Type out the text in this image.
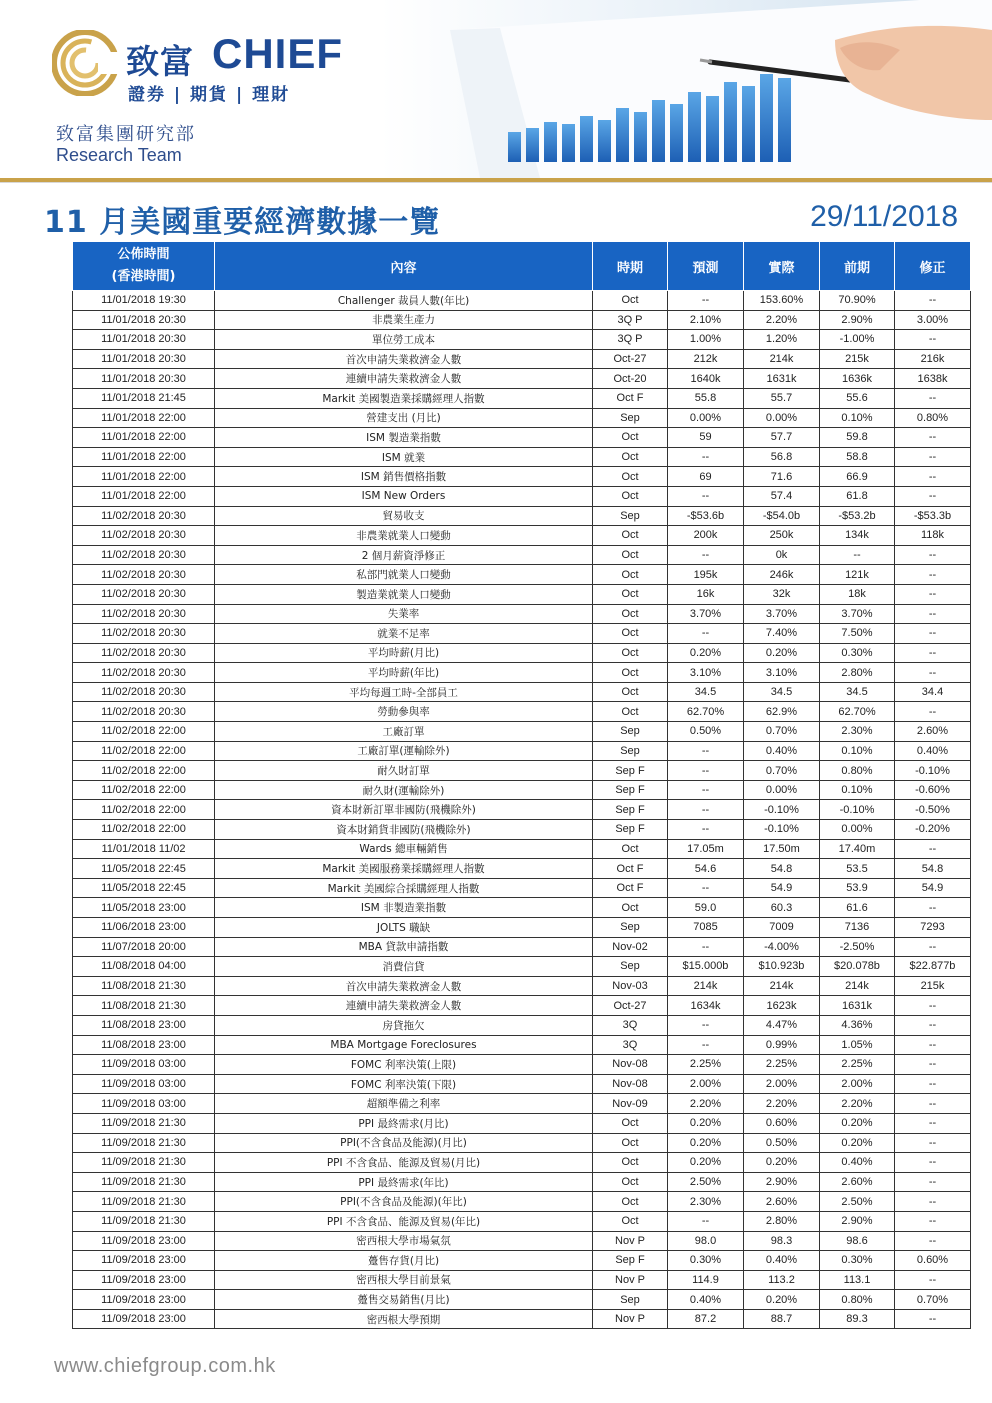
致富 CHIEF
證券 | 期貨 | 理財
致富集團研究部
Research Team
11 月美國重要經濟數據一覽	29/11/2018
公佈時間
(香港時間)	內容	時期	預測	實際	前期	修正
11/01/2018 19:30	Challenger 裁員人數(年比)	Oct	--	153.60%	70.90%	--
11/01/2018 20:30	非農業生產力	3Q P	2.10%	2.20%	2.90%	3.00%
11/01/2018 20:30	單位勞工成本	3Q P	1.00%	1.20%	-1.00%	--
11/01/2018 20:30	首次申請失業救濟金人數	Oct-27	212k	214k	215k	216k
11/01/2018 20:30	連續申請失業救濟金人數	Oct-20	1640k	1631k	1636k	1638k
11/01/2018 21:45	Markit 美國製造業採購經理人指數	Oct F	55.8	55.7	55.6	--
11/01/2018 22:00	營建支出 (月比)	Sep	0.00%	0.00%	0.10%	0.80%
11/01/2018 22:00	ISM 製造業指數	Oct	59	57.7	59.8	--
11/01/2018 22:00	ISM 就業	Oct	--	56.8	58.8	--
11/01/2018 22:00	ISM 銷售價格指數	Oct	69	71.6	66.9	--
11/01/2018 22:00	ISM New Orders	Oct	--	57.4	61.8	--
11/02/2018 20:30	貿易收支	Sep	-$53.6b	-$54.0b	-$53.2b	-$53.3b
11/02/2018 20:30	非農業就業人口變動	Oct	200k	250k	134k	118k
11/02/2018 20:30	2 個月薪資淨修正	Oct	--	0k	--	--
11/02/2018 20:30	私部門就業人口變動	Oct	195k	246k	121k	--
11/02/2018 20:30	製造業就業人口變動	Oct	16k	32k	18k	--
11/02/2018 20:30	失業率	Oct	3.70%	3.70%	3.70%	--
11/02/2018 20:30	就業不足率	Oct	--	7.40%	7.50%	--
11/02/2018 20:30	平均時薪(月比)	Oct	0.20%	0.20%	0.30%	--
11/02/2018 20:30	平均時薪(年比)	Oct	3.10%	3.10%	2.80%	--
11/02/2018 20:30	平均每週工時-全部員工	Oct	34.5	34.5	34.5	34.4
11/02/2018 20:30	勞動參與率	Oct	62.70%	62.9%	62.70%	--
11/02/2018 22:00	工廠訂單	Sep	0.50%	0.70%	2.30%	2.60%
11/02/2018 22:00	工廠訂單(運輸除外)	Sep	--	0.40%	0.10%	0.40%
11/02/2018 22:00	耐久財訂單	Sep F	--	0.70%	0.80%	-0.10%
11/02/2018 22:00	耐久財(運輸除外)	Sep F	--	0.00%	0.10%	-0.60%
11/02/2018 22:00	資本財新訂單非國防(飛機除外)	Sep F	--	-0.10%	-0.10%	-0.50%
11/02/2018 22:00	資本財銷貨非國防(飛機除外)	Sep F	--	-0.10%	0.00%	-0.20%
11/01/2018 11/02	Wards 總車輛銷售	Oct	17.05m	17.50m	17.40m	--
11/05/2018 22:45	Markit 美國服務業採購經理人指數	Oct F	54.6	54.8	53.5	54.8
11/05/2018 22:45	Markit 美國綜合採購經理人指數	Oct F	--	54.9	53.9	54.9
11/05/2018 23:00	ISM 非製造業指數	Oct	59.0	60.3	61.6	--
11/06/2018 23:00	JOLTS 職缺	Sep	7085	7009	7136	7293
11/07/2018 20:00	MBA 貸款申請指數	Nov-02	--	-4.00%	-2.50%	--
11/08/2018 04:00	消費信貸	Sep	$15.000b	$10.923b	$20.078b	$22.877b
11/08/2018 21:30	首次申請失業救濟金人數	Nov-03	214k	214k	214k	215k
11/08/2018 21:30	連續申請失業救濟金人數	Oct-27	1634k	1623k	1631k	--
11/08/2018 23:00	房貸拖欠	3Q	--	4.47%	4.36%	--
11/08/2018 23:00	MBA Mortgage Foreclosures	3Q	--	0.99%	1.05%	--
11/09/2018 03:00	FOMC 利率決策(上限)	Nov-08	2.25%	2.25%	2.25%	--
11/09/2018 03:00	FOMC 利率決策(下限)	Nov-08	2.00%	2.00%	2.00%	--
11/09/2018 03:00	超額準備之利率	Nov-09	2.20%	2.20%	2.20%	--
11/09/2018 21:30	PPI 最終需求(月比)	Oct	0.20%	0.60%	0.20%	--
11/09/2018 21:30	PPI(不含食品及能源)(月比)	Oct	0.20%	0.50%	0.20%	--
11/09/2018 21:30	PPI 不含食品、能源及貿易(月比)	Oct	0.20%	0.20%	0.40%	--
11/09/2018 21:30	PPI 最終需求(年比)	Oct	2.50%	2.90%	2.60%	--
11/09/2018 21:30	PPI(不含食品及能源)(年比)	Oct	2.30%	2.60%	2.50%	--
11/09/2018 21:30	PPI 不含食品、能源及貿易(年比)	Oct	--	2.80%	2.90%	--
11/09/2018 23:00	密西根大學市場氣氛	Nov P	98.0	98.3	98.6	--
11/09/2018 23:00	躉售存貨(月比)	Sep F	0.30%	0.40%	0.30%	0.60%
11/09/2018 23:00	密西根大學目前景氣	Nov P	114.9	113.2	113.1	--
11/09/2018 23:00	躉售交易銷售(月比)	Sep	0.40%	0.20%	0.80%	0.70%
11/09/2018 23:00	密西根大學預期	Nov P	87.2	88.7	89.3	--
www.chiefgroup.com.hk
